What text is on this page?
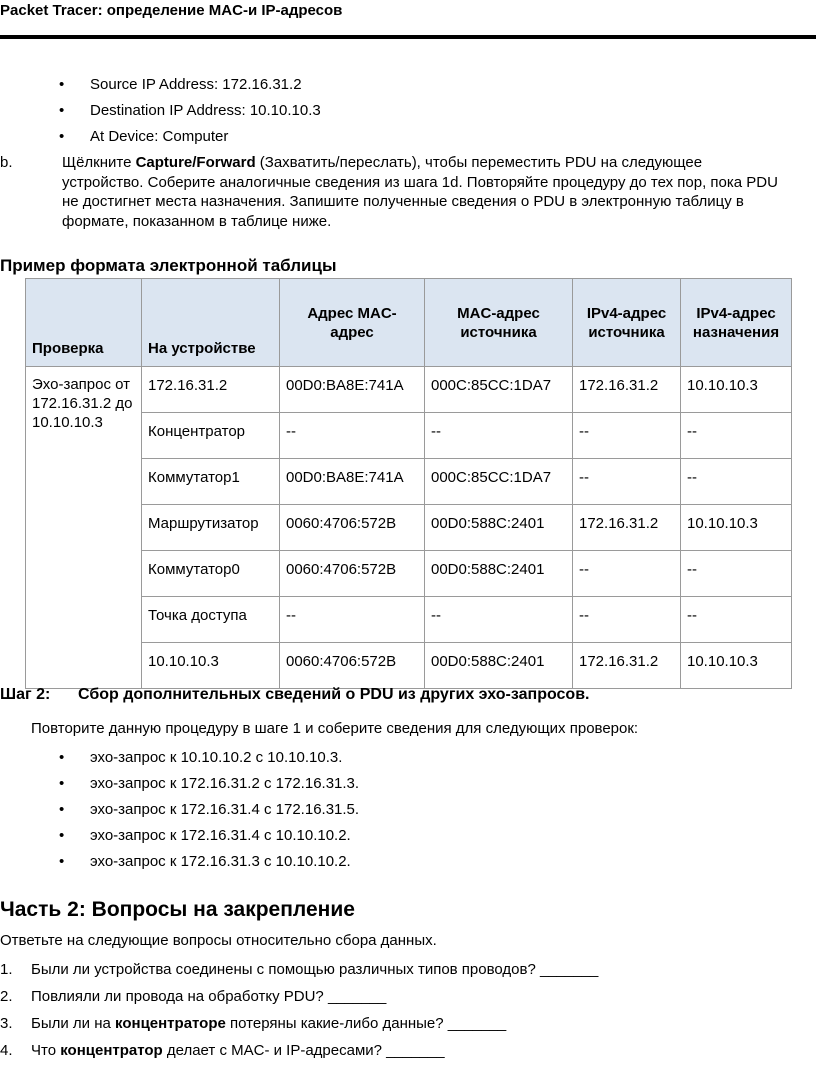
Packet Tracer: определение MAC-и IP-адресов
• Source IP Address: 172.16.31.2
• Destination IP Address: 10.10.10.3
• At Device: Computer
b.	Щёлкните Capture/Forward (Захватить/переслать), чтобы переместить PDU на следующее устройство. Соберите аналогичные сведения из шага 1d. Повторяйте процедуру до тех пор, пока PDU не достигнет места назначения. Запишите полученные сведения о PDU в электронную таблицу в формате, показанном в таблице ниже.
Пример формата электронной таблицы
Проверка	На устройстве	Адрес MAC-адрес	MAC-адрес источника	IPv4-адрес источника	IPv4-адрес назначения
Эхо-запрос от 172.16.31.2 до 10.10.10.3	172.16.31.2	00D0:BA8E:741A	000C:85CC:1DA7	172.16.31.2	10.10.10.3
	Концентратор	--	--	--	--
	Коммутатор1	00D0:BA8E:741A	000C:85CC:1DA7	--	--
	Маршрутизатор	0060:4706:572B	00D0:588C:2401	172.16.31.2	10.10.10.3
	Коммутатор0	0060:4706:572B	00D0:588C:2401	--	--
	Точка доступа	--	--	--	--
	10.10.10.3	0060:4706:572B	00D0:588C:2401	172.16.31.2	10.10.10.3
Шаг 2: Сбор дополнительных сведений о PDU из других эхо-запросов.
Повторите данную процедуру в шаге 1 и соберите сведения для следующих проверок:
• эхо-запрос к 10.10.10.2 с 10.10.10.3.
• эхо-запрос к 172.16.31.2 с 172.16.31.3.
• эхо-запрос к 172.16.31.4 с 172.16.31.5.
• эхо-запрос к 172.16.31.4 с 10.10.10.2.
• эхо-запрос к 172.16.31.3 с 10.10.10.2.
Часть 2: Вопросы на закрепление
Ответьте на следующие вопросы относительно сбора данных.
1. Были ли устройства соединены с помощью различных типов проводов? _______
2. Повлияли ли провода на обработку PDU? _______
3. Были ли на концентраторе потеряны какие-либо данные? _______
4. Что концентратор делает с MAC- и IP-адресами? _______
